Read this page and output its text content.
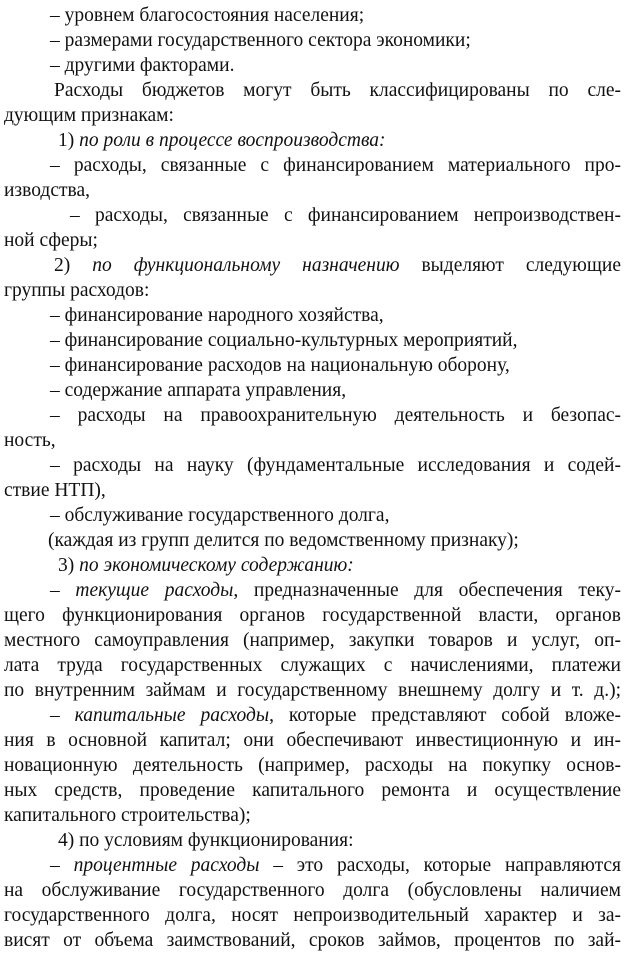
– уровнем благосостояния населения;
– размерами государственного сектора экономики;
– другими факторами.
Расходы бюджетов могут быть классифицированы по сле-
дующим признакам:
1) по роли в процессе воспроизводства:
– расходы, связанные с финансированием материального про-
изводства,
– расходы, связанные с финансированием непроизводствен-
ной сферы;
2) по функциональному назначению выделяют следующие
группы расходов:
– финансирование народного хозяйства,
– финансирование социально-культурных мероприятий,
– финансирование расходов на национальную оборону,
– содержание аппарата управления,
– расходы на правоохранительную деятельность и безопас-
ность,
– расходы на науку (фундаментальные исследования и содей-
ствие НТП),
– обслуживание государственного долга,
(каждая из групп делится по ведомственному признаку);
3) по экономическому содержанию:
– текущие расходы, предназначенные для обеспечения теку-
щего функционирования органов государственной власти, органов
местного самоуправления (например, закупки товаров и услуг, оп-
лата труда государственных служащих с начислениями, платежи
по внутренним займам и государственному внешнему долгу и т. д.);
– капитальные расходы, которые представляют собой вложе-
ния в основной капитал; они обеспечивают инвестиционную и ин-
новационную деятельность (например, расходы на покупку основ-
ных средств, проведение капитального ремонта и осуществление
капитального строительства);
4) по условиям функционирования:
– процентные расходы – это расходы, которые направляются
на обслуживание государственного долга (обусловлены наличием
государственного долга, носят непроизводительный характер и за-
висят от объема заимствований, сроков займов, процентов по зай-
